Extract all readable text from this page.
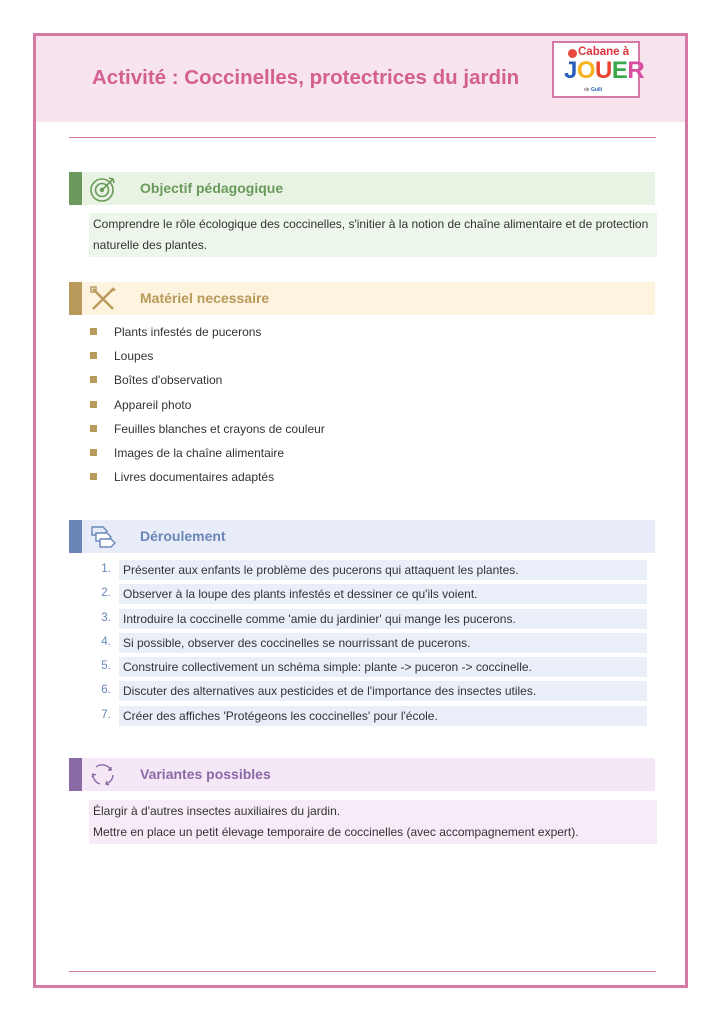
Activité : Coccinelles, protectrices du jardin
Cabane à
JOUER
de Gulli
Objectif pédagogique
Comprendre le rôle écologique des coccinelles, s'initier à la notion de chaîne alimentaire et de protection naturelle des plantes.
Matériel necessaire
Plants infestés de pucerons
Loupes
Boîtes d'observation
Appareil photo
Feuilles blanches et crayons de couleur
Images de la chaîne alimentaire
Livres documentaires adaptés
Déroulement
1.	Présenter aux enfants le problème des pucerons qui attaquent les plantes.
2.	Observer à la loupe des plants infestés et dessiner ce qu'ils voient.
3.	Introduire la coccinelle comme 'amie du jardinier' qui mange les pucerons.
4.	Si possible, observer des coccinelles se nourrissant de pucerons.
5.	Construire collectivement un schéma simple: plante -> puceron -> coccinelle.
6.	Discuter des alternatives aux pesticides et de l'importance des insectes utiles.
7.	Créer des affiches 'Protégeons les coccinelles' pour l'école.
Variantes possibles
Élargir à d'autres insectes auxiliaires du jardin.
Mettre en place un petit élevage temporaire de coccinelles (avec accompagnement expert).
